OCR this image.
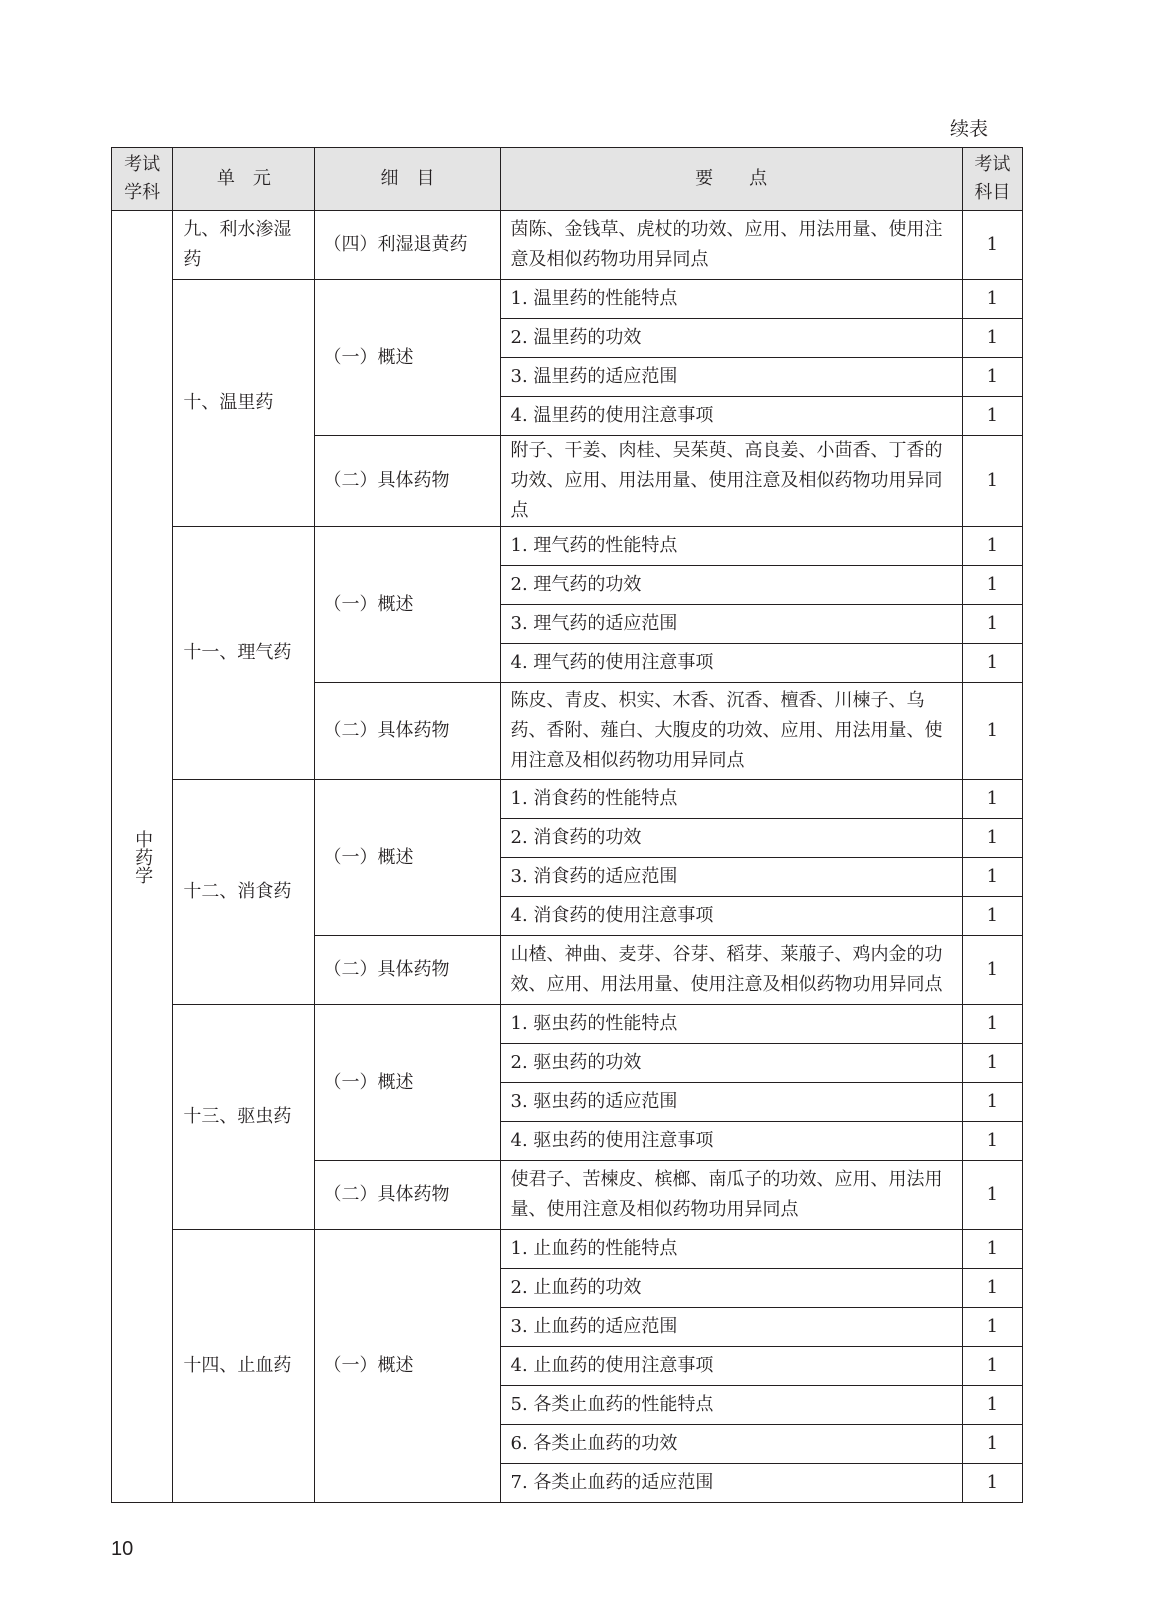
续表
考试学科	单　元	细　目	要　　点	考试科目
中药学	九、利水渗湿药	（四）利湿退黄药	茵陈、金钱草、虎杖的功效、应用、用法用量、使用注意及相似药物功用异同点	1
	十、温里药	（一）概述	1. 温里药的性能特点	1
			2. 温里药的功效	1
			3. 温里药的适应范围	1
			4. 温里药的使用注意事项	1
		（二）具体药物	附子、干姜、肉桂、吴茱萸、高良姜、小茴香、丁香的功效、应用、用法用量、使用注意及相似药物功用异同点	1
	十一、理气药	（一）概述	1. 理气药的性能特点	1
			2. 理气药的功效	1
			3. 理气药的适应范围	1
			4. 理气药的使用注意事项	1
		（二）具体药物	陈皮、青皮、枳实、木香、沉香、檀香、川楝子、乌药、香附、薤白、大腹皮的功效、应用、用法用量、使用注意及相似药物功用异同点	1
	十二、消食药	（一）概述	1. 消食药的性能特点	1
			2. 消食药的功效	1
			3. 消食药的适应范围	1
			4. 消食药的使用注意事项	1
		（二）具体药物	山楂、神曲、麦芽、谷芽、稻芽、莱菔子、鸡内金的功效、应用、用法用量、使用注意及相似药物功用异同点	1
	十三、驱虫药	（一）概述	1. 驱虫药的性能特点	1
			2. 驱虫药的功效	1
			3. 驱虫药的适应范围	1
			4. 驱虫药的使用注意事项	1
		（二）具体药物	使君子、苦楝皮、槟榔、南瓜子的功效、应用、用法用量、使用注意及相似药物功用异同点	1
	十四、止血药	（一）概述	1. 止血药的性能特点	1
			2. 止血药的功效	1
			3. 止血药的适应范围	1
			4. 止血药的使用注意事项	1
			5. 各类止血药的性能特点	1
			6. 各类止血药的功效	1
			7. 各类止血药的适应范围	1
10
